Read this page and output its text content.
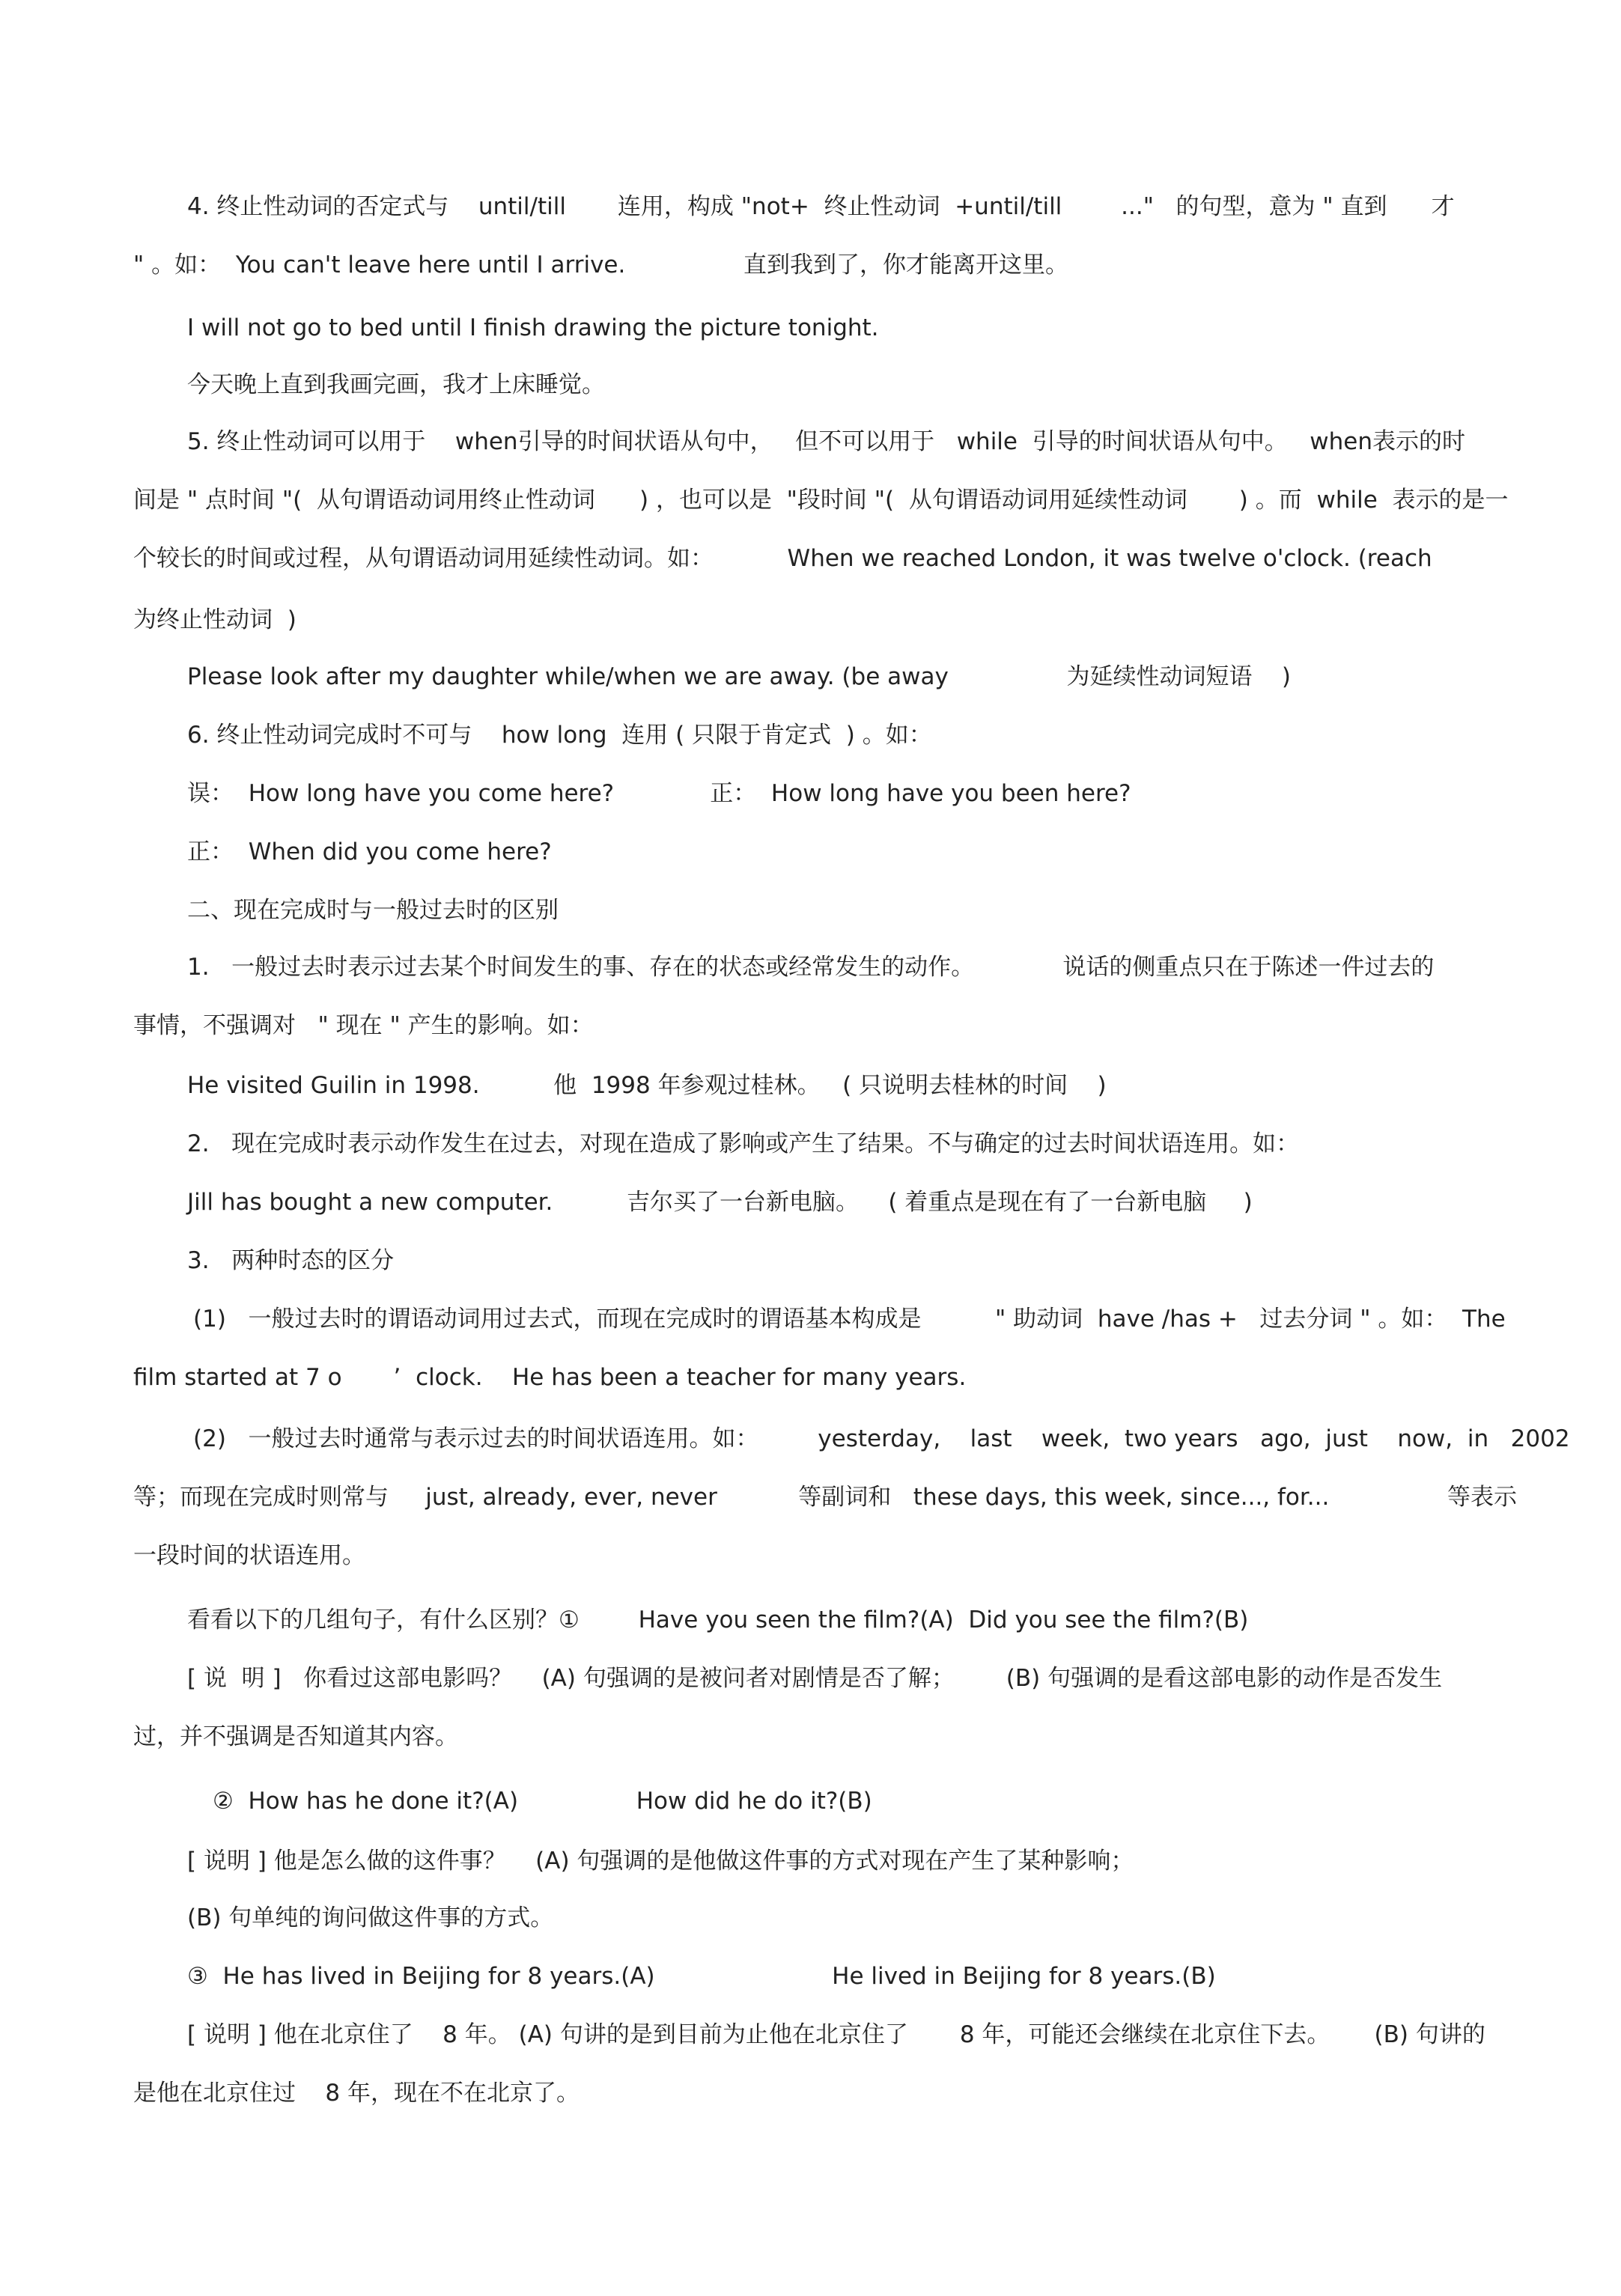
4. 终止性动词的否定式与    until/till       连用，构成 "not+  终止性动词  +until/till        ..."   的句型，意为 " 直到      才

" 。如：  You can't leave here until I arrive.                直到我到了，你才能离开这里。

I will not go to bed until I finish drawing the picture tonight.

今天晚上直到我画完画，我才上床睡觉。

5. 终止性动词可以用于    when引导的时间状语从句中，   但不可以用于   while  引导的时间状语从句中。   when表示的时

间是 " 点时间 "(  从句谓语动词用终止性动词      ) ，也可以是  "段时间 "(  从句谓语动词用延续性动词       ) 。而  while  表示的是一

个较长的时间或过程，从句谓语动词用延续性动词。如：          When we reached London, it was twelve o'clock. (reach

为终止性动词  )

Please look after my daughter while/when we are away. (be away                为延续性动词短语    )

6. 终止性动词完成时不可与    how long  连用 ( 只限于肯定式  ) 。如：

误：  How long have you come here?             正：  How long have you been here?

正：  When did you come here?

二、现在完成时与一般过去时的区别

1.   一般过去时表示过去某个时间发生的事、存在的状态或经常发生的动作。            说话的侧重点只在于陈述一件过去的

事情，不强调对   " 现在 " 产生的影响。如：

He visited Guilin in 1998.          他  1998 年参观过桂林。   ( 只说明去桂林的时间    )

2.   现在完成时表示动作发生在过去，对现在造成了影响或产生了结果。不与确定的过去时间状语连用。如：

Jill has bought a new computer.          吉尔买了一台新电脑。    ( 着重点是现在有了一台新电脑     )

3.   两种时态的区分

(1)   一般过去时的谓语动词用过去式，而现在完成时的谓语基本构成是          " 助动词  have /has +   过去分词 " 。如：  The

film started at 7 o       ’  clock.    He has been a teacher for many years.

(2)   一般过去时通常与表示过去的时间状语连用。如：        yesterday,    last    week,  two years   ago,  just    now,  in   2002

等；而现在完成时则常与     just, already, ever, never           等副词和   these days, this week, since..., for...                等表示

一段时间的状语连用。

看看以下的几组句子，有什么区别？①        Have you seen the film?(A)  Did you see the film?(B)

[ 说  明 ]   你看过这部电影吗？    (A) 句强调的是被问者对剧情是否了解；       (B) 句强调的是看这部电影的动作是否发生

过，并不强调是否知道其内容。

②  How has he done it?(A)                How did he do it?(B)

[ 说明 ] 他是怎么做的这件事？    (A) 句强调的是他做这件事的方式对现在产生了某种影响；

(B) 句单纯的询问做这件事的方式。

③  He has lived in Beijing for 8 years.(A)                        He lived in Beijing for 8 years.(B)

[ 说明 ] 他在北京住了    8 年。 (A) 句讲的是到目前为止他在北京住了       8 年，可能还会继续在北京住下去。      (B) 句讲的

是他在北京住过    8 年，现在不在北京了。
